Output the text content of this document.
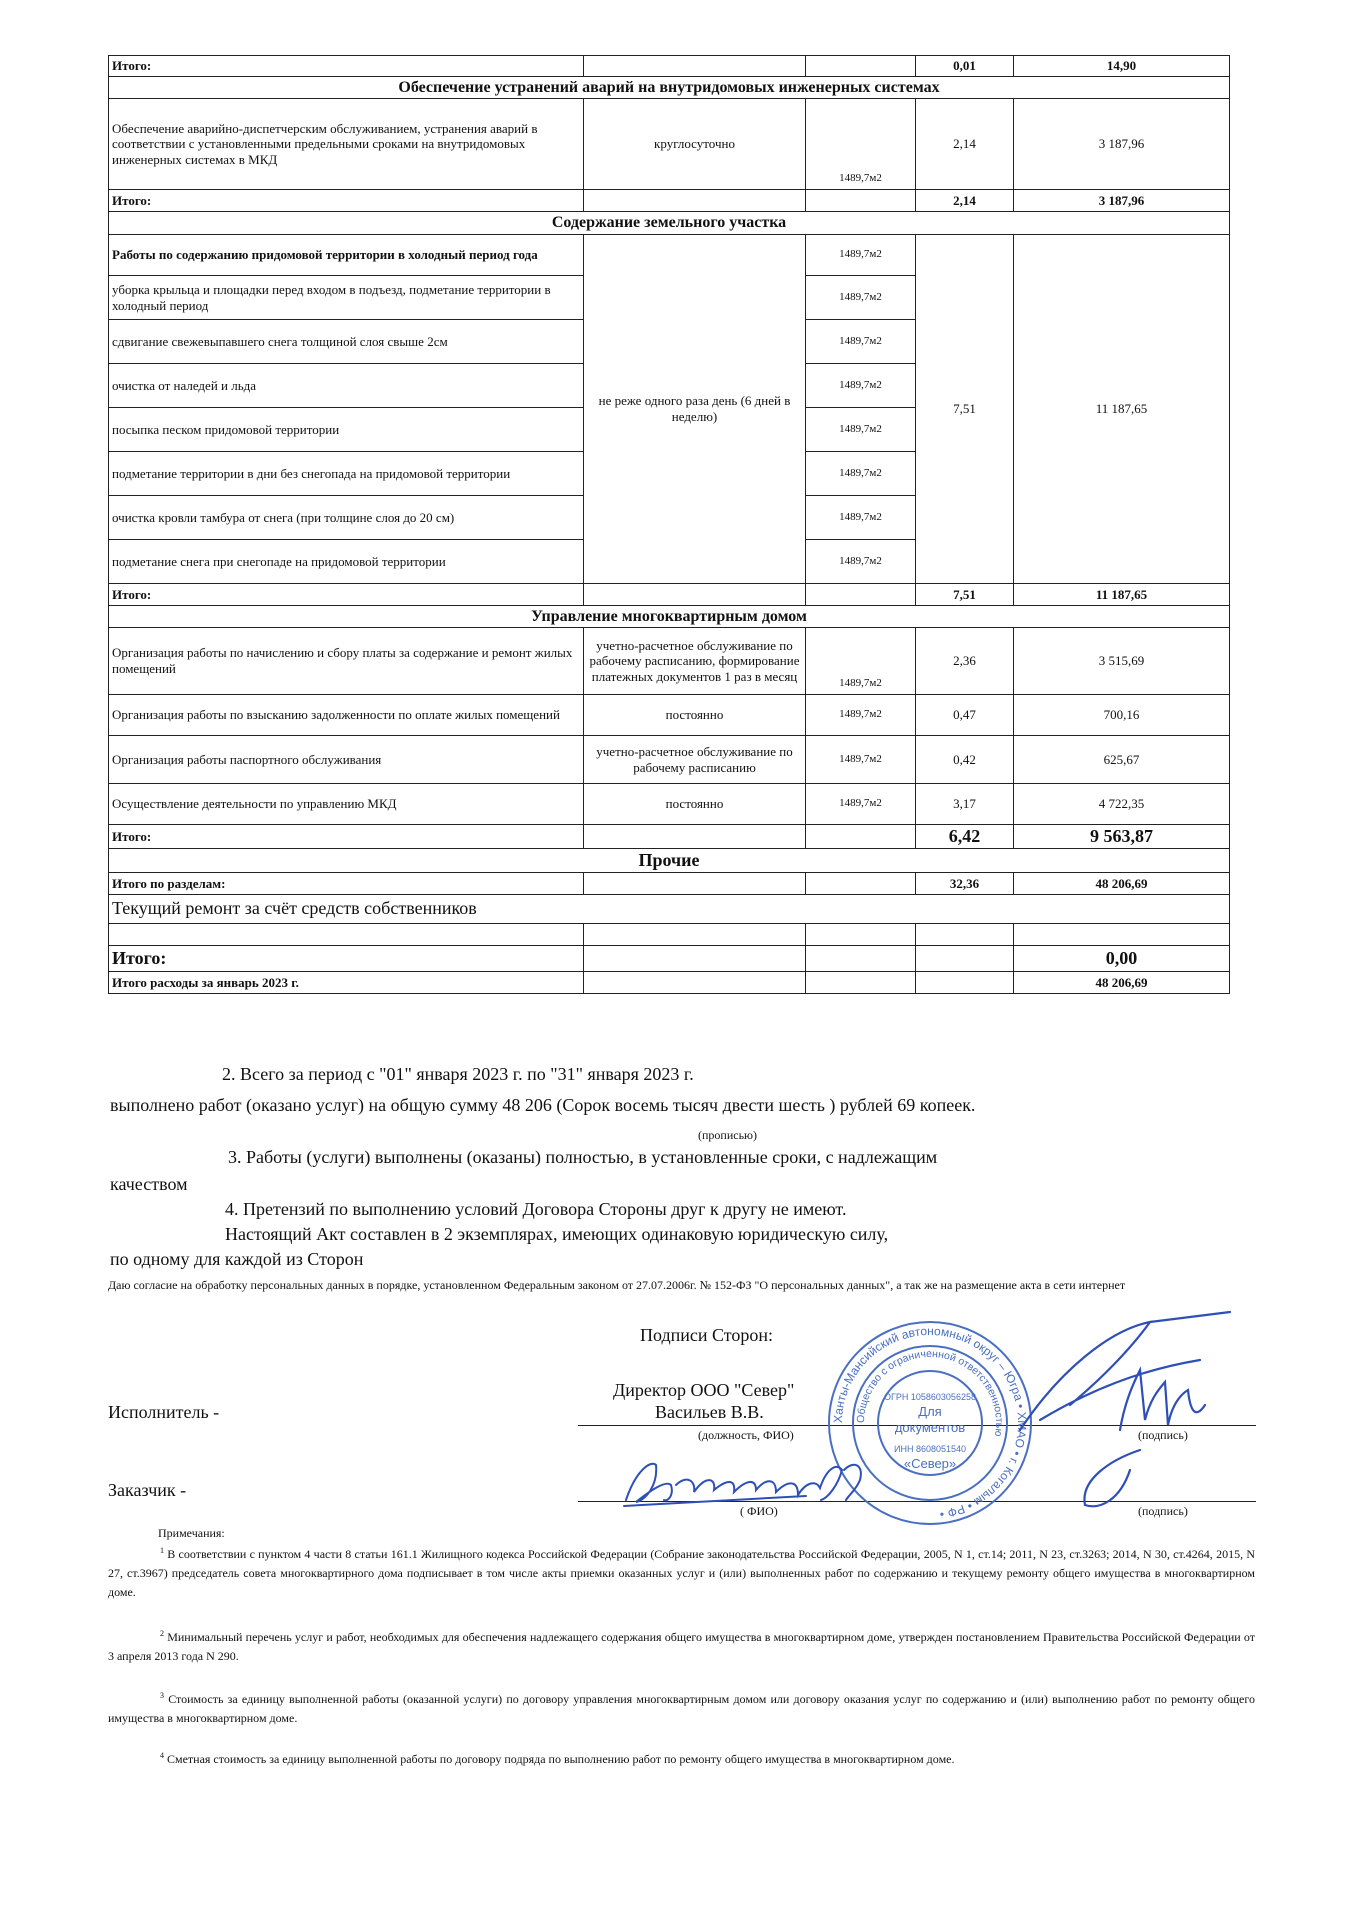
Итого:			0,01	14,90
Обеспечение устранений аварий на внутридомовых инженерных системах				
Обеспечение аварийно-диспетчерским обслуживанием, устранения аварий в соответствии с установленными предельными сроками на внутридомовых инженерных системах в МКД	круглосуточно	1489,7м2	2,14	3 187,96
Итого:			2,14	3 187,96
Содержание земельного участка				
Работы по содержанию придомовой территории в холодный период года	не реже одного раза день (6 дней в неделю)	1489,7м2	7,51	11 187,65
уборка крыльца и площадки перед входом в подъезд, подметание территории в холодный период		1489,7м2		
сдвигание свежевыпавшего снега толщиной слоя свыше 2см		1489,7м2		
очистка от наледей и льда		1489,7м2		
посыпка песком придомовой территории		1489,7м2		
подметание территории в дни без снегопада на придомовой территории		1489,7м2		
очистка кровли тамбура от снега (при толщине слоя до 20 см)		1489,7м2		
подметание снега при снегопаде на придомовой территории		1489,7м2		
Итого:			7,51	11 187,65
Управление многоквартирным домом				
Организация работы по начислению и сбору платы за содержание и ремонт жилых помещений	учетно-расчетное обслуживание по рабочему расписанию, формирование платежных документов 1 раз в месяц	1489,7м2	2,36	3 515,69
Организация работы по взысканию задолженности по оплате жилых помещений	постоянно	1489,7м2	0,47	700,16
Организация работы паспортного обслуживания	учетно-расчетное обслуживание по рабочему расписанию	1489,7м2	0,42	625,67
Осуществление деятельности по управлению МКД	постоянно	1489,7м2	3,17	4 722,35
Итого:			6,42	9 563,87
Прочие				
Итого по разделам:			32,36	48 206,69
Текущий ремонт за счёт средств собственников				

Итого:				0,00
Итого расходы за январь 2023 г.				48 206,69
2. Всего за период с "01" января 2023 г. по "31" января 2023 г.
выполнено работ (оказано услуг) на общую сумму 48 206 (Сорок восемь тысяч двести шесть ) рублей 69 копеек.
(прописью)
3. Работы (услуги) выполнены (оказаны) полностью, в установленные сроки, с надлежащим
качеством
4. Претензий по выполнению условий Договора Стороны друг к другу не имеют.
Настоящий Акт составлен в 2 экземплярах, имеющих одинаковую юридическую силу,
по одному для каждой из Сторон
Даю согласие на обработку персональных данных в порядке, установленном Федеральным законом от 27.07.2006г. № 152-ФЗ "О персональных данных", а так же на размещение акта в сети интернет
Подписи Сторон:
Директор ООО "Север"
Исполнитель -	Васильев В.В.
(должность, ФИО)	(подпись)
Заказчик -
( ФИО)	(подпись)
Ханты-Мансийский автономный округ – Югра • ХМАО • г. Когалым • РФ •
Общество с ограниченной ответственностью
ОГРН 1058603056258
Для
документов
ИНН 8608051540
«Север»
Примечания:
$^1$ В соответствии с пунктом 4 части 8 статьи 161.1 Жилищного кодекса Российской Федерации (Собрание законодательства Российской Федерации, 2005, N 1, ст.14; 2011, N 23, ст.3263; 2014, N 30, ст.4264, 2015, N 27, ст.3967) председатель совета многоквартирного дома подписывает в том числе акты приемки оказанных услуг и (или) выполненных работ по содержанию и текущему ремонту общего имущества в многоквартирном доме.
$^2$ Минимальный перечень услуг и работ, необходимых для обеспечения надлежащего содержания общего имущества в многоквартирном доме, утвержден постановлением Правительства Российской Федерации от 3 апреля 2013 года N 290.
$^3$ Стоимость за единицу выполненной работы (оказанной услуги) по договору управления многоквартирным домом или договору оказания услуг по содержанию и (или) выполнению работ по ремонту общего имущества в многоквартирном доме.
$^4$ Сметная стоимость за единицу выполненной работы по договору подряда по выполнению работ по ремонту общего имущества в многоквартирном доме.
